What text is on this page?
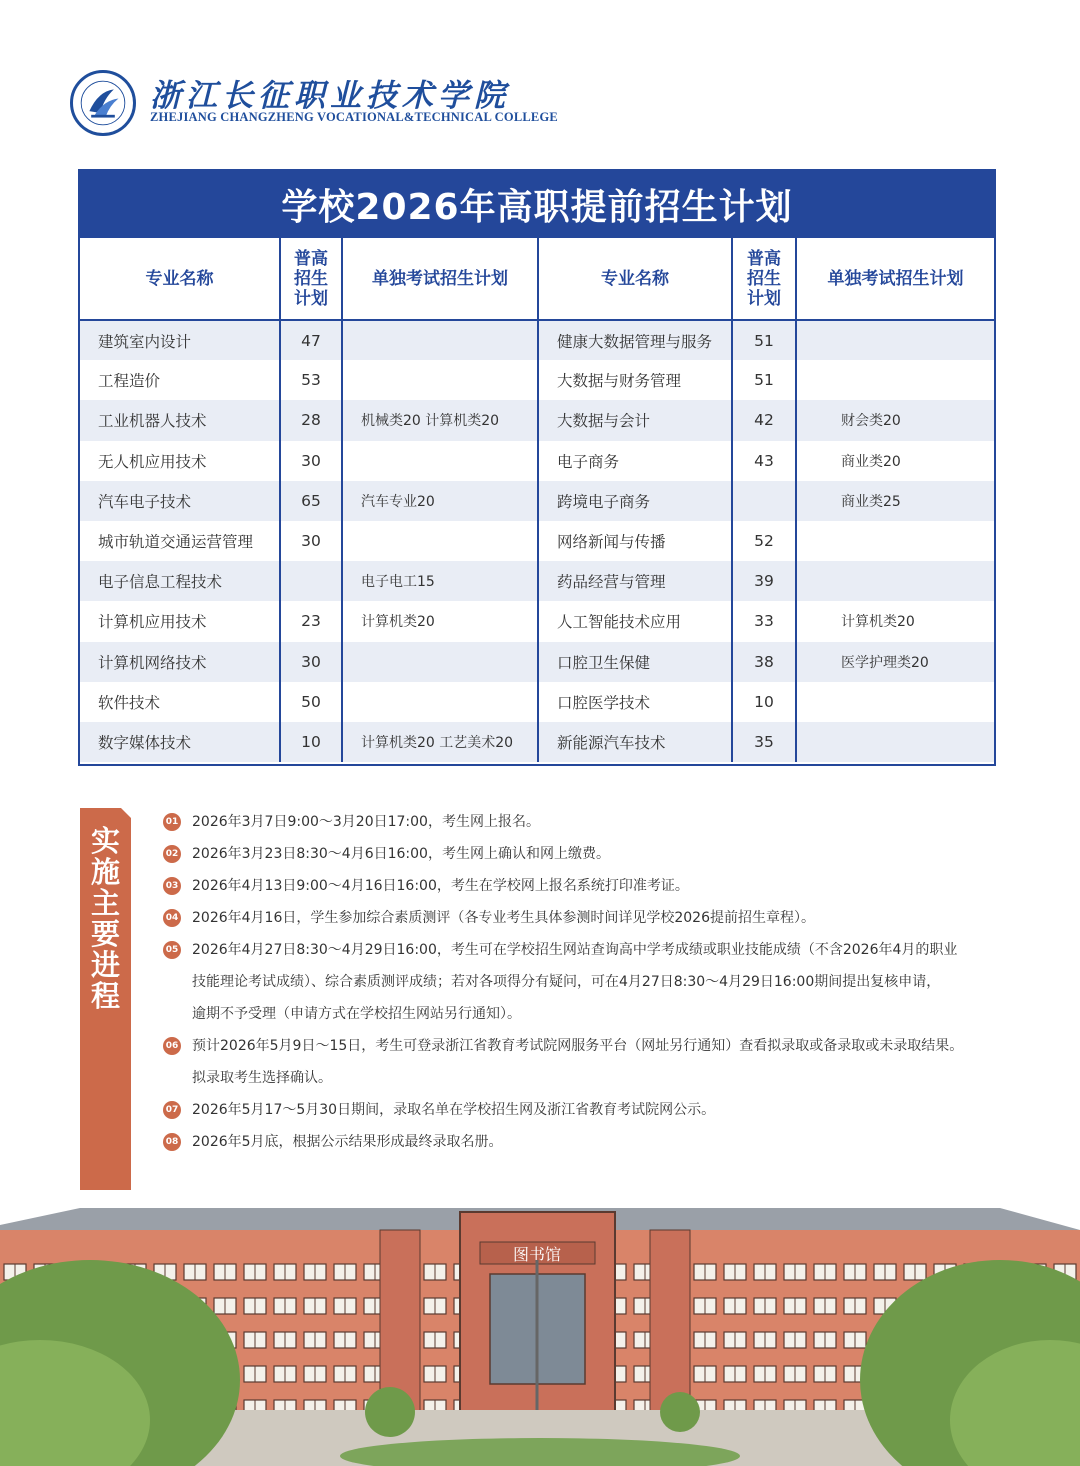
浙江长征职业技术学院
ZHEJIANG CHANGZHENG VOCATIONAL&TECHNICAL COLLEGE
学校2026年高职提前招生计划
专业名称	普高
招生
计划	单独考试招生计划	专业名称	普高
招生
计划	单独考试招生计划
建筑室内设计	47		健康大数据管理与服务	51	
工程造价	53		大数据与财务管理	51	
工业机器人技术	28	机械类20 计算机类20	大数据与会计	42	财会类20
无人机应用技术	30		电子商务	43	商业类20
汽车电子技术	65	汽车专业20	跨境电子商务		商业类25
城市轨道交通运营管理	30		网络新闻与传播	52	
电子信息工程技术		电子电工15	药品经营与管理	39	
计算机应用技术	23	计算机类20	人工智能技术应用	33	计算机类20
计算机网络技术	30		口腔卫生保健	38	医学护理类20
软件技术	50		口腔医学技术	10	
数字媒体技术	10	计算机类20 工艺美术20	新能源汽车技术	35	
实
施
主
要
进
程
01 2026年3月7日9:00～3月20日17:00，考生网上报名。
02 2026年3月23日8:30～4月6日16:00，考生网上确认和网上缴费。
03 2026年4月13日9:00～4月16日16:00，考生在学校网上报名系统打印准考证。
04 2026年4月16日，学生参加综合素质测评（各专业考生具体参测时间详见学校2026提前招生章程）。
05 2026年4月27日8:30～4月29日16:00，考生可在学校招生网站查询高中学考成绩或职业技能成绩（不含2026年4月的职业
技能理论考试成绩）、综合素质测评成绩；若对各项得分有疑问，可在4月27日8:30～4月29日16:00期间提出复核申请，
逾期不予受理（申请方式在学校招生网站另行通知）。
06 预计2026年5月9日～15日，考生可登录浙江省教育考试院网服务平台（网址另行通知）查看拟录取或备录取或未录取结果。
拟录取考生选择确认。
07 2026年5月17～5月30日期间，录取名单在学校招生网及浙江省教育考试院网公示。
08 2026年5月底，根据公示结果形成最终录取名册。
图书馆
